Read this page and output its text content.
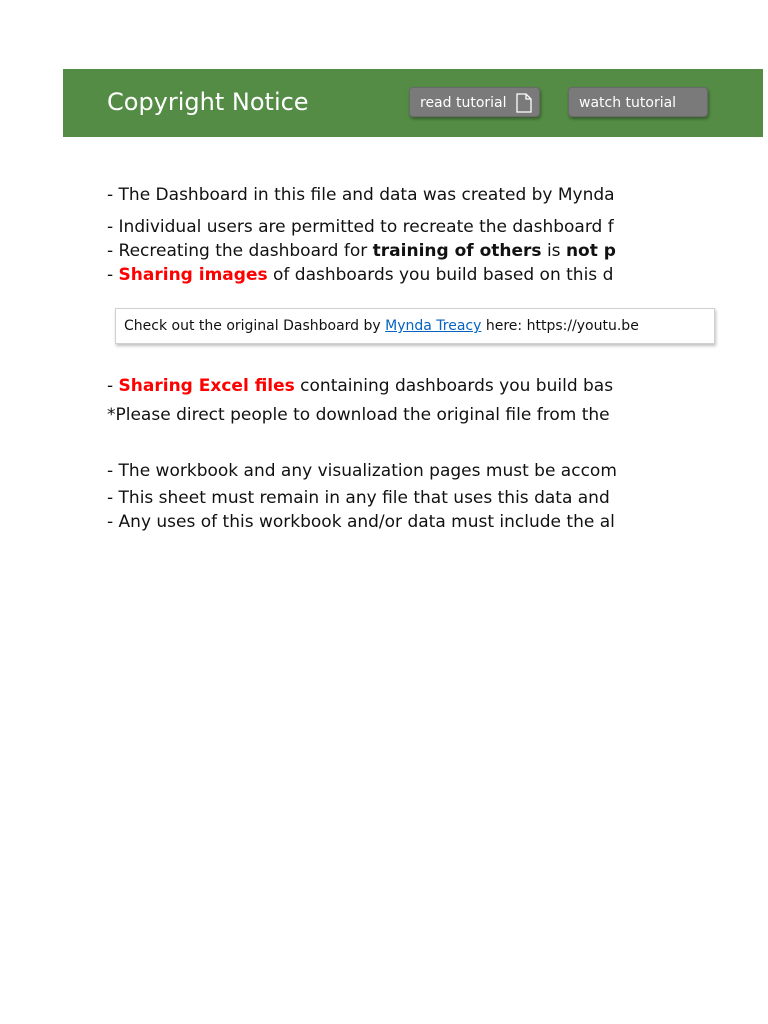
Copyright Notice	read tutorial	watch tutorial
- The Dashboard in this file and data was created by Mynda
- Individual users are permitted to recreate the dashboard f
- Recreating the dashboard for training of others is not p
- Sharing images of dashboards you build based on this d
Check out the original Dashboard by Mynda Treacy here: https://youtu.be
- Sharing Excel files containing dashboards you build bas
*Please direct people to download the original file from the
- The workbook and any visualization pages must be accom
- This sheet must remain in any file that uses this data and
- Any uses of this workbook and/or data must include the al
